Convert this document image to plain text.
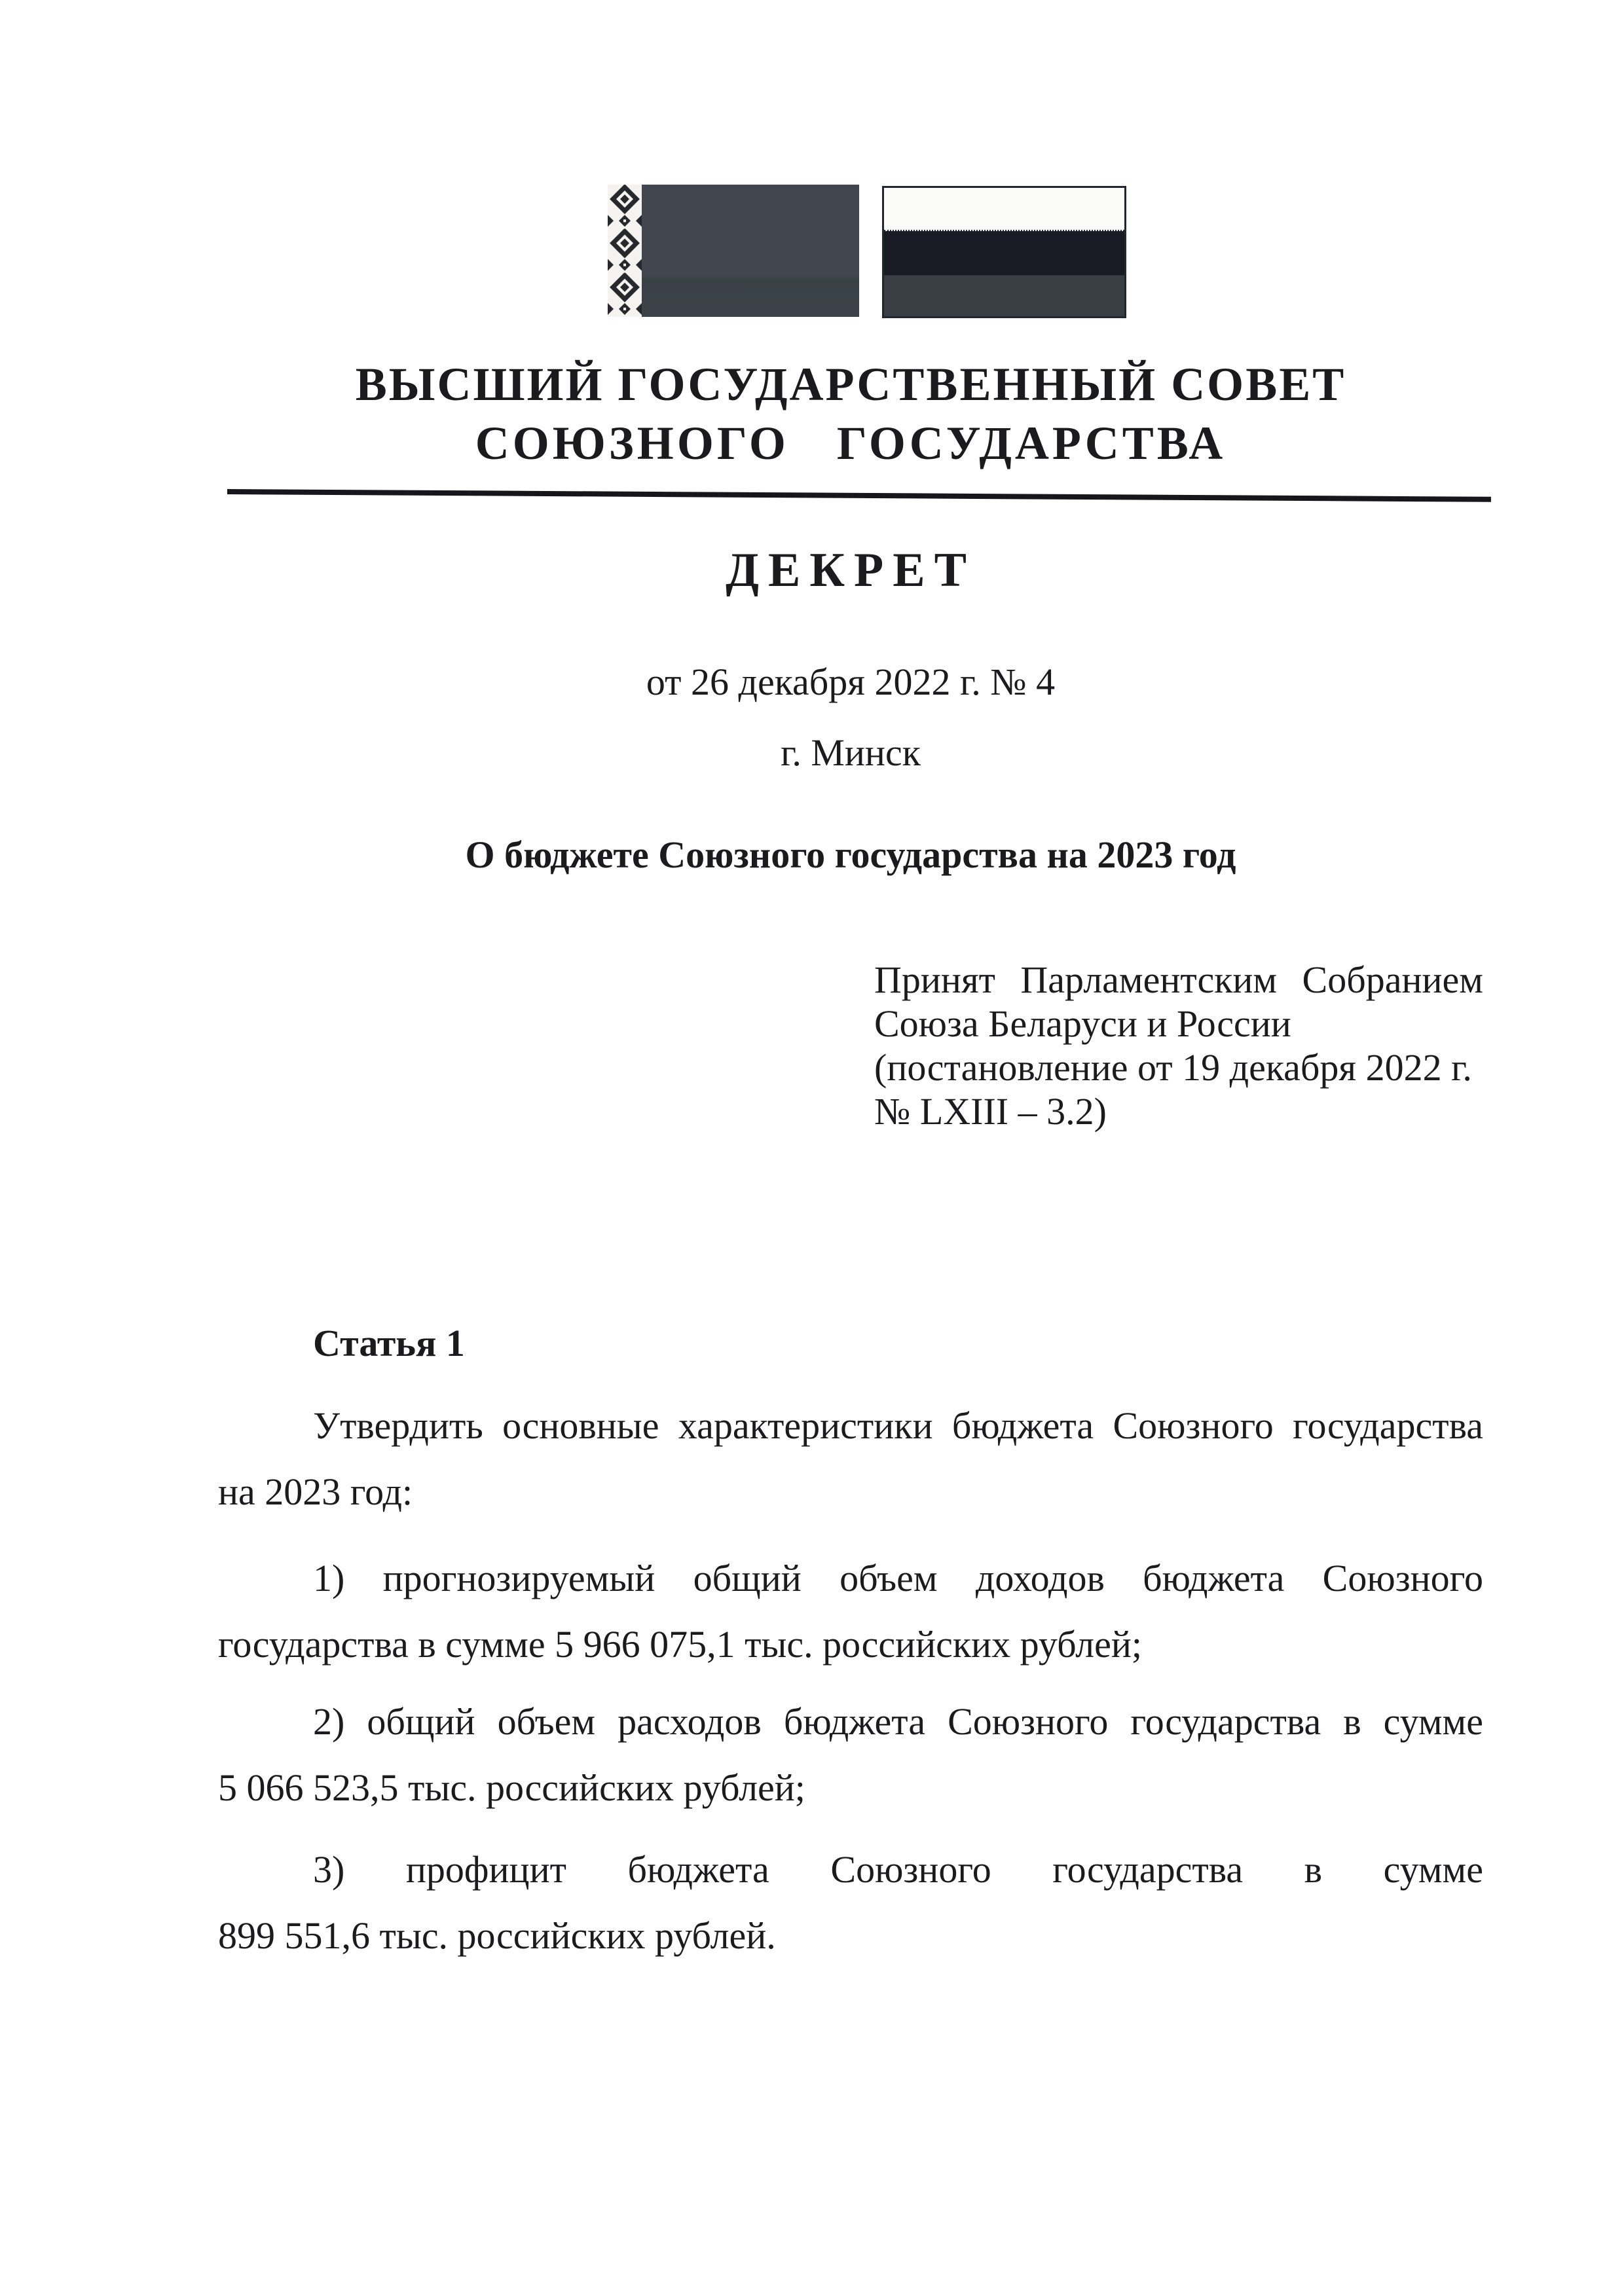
ВЫСШИЙ ГОСУДАРСТВЕННЫЙ СОВЕТ
СОЮЗНОГО ГОСУДАРСТВА
ДЕКРЕТ
от 26 декабря 2022 г. № 4
г. Минск
О бюджете Союзного государства на 2023 год
Принят Парламентским Собранием
Союза Беларуси и России
(постановление от 19 декабря 2022 г.
№ LXIII – 3.2)
Статья 1
Утвердить основные характеристики бюджета Союзного государства
на 2023 год:
1) прогнозируемый общий объем доходов бюджета Союзного
государства в сумме 5 966 075,1 тыс. российских рублей;
2) общий объем расходов бюджета Союзного государства в сумме
5 066 523,5 тыс. российских рублей;
3) профицит бюджета Союзного государства в сумме
899 551,6 тыс. российских рублей.
